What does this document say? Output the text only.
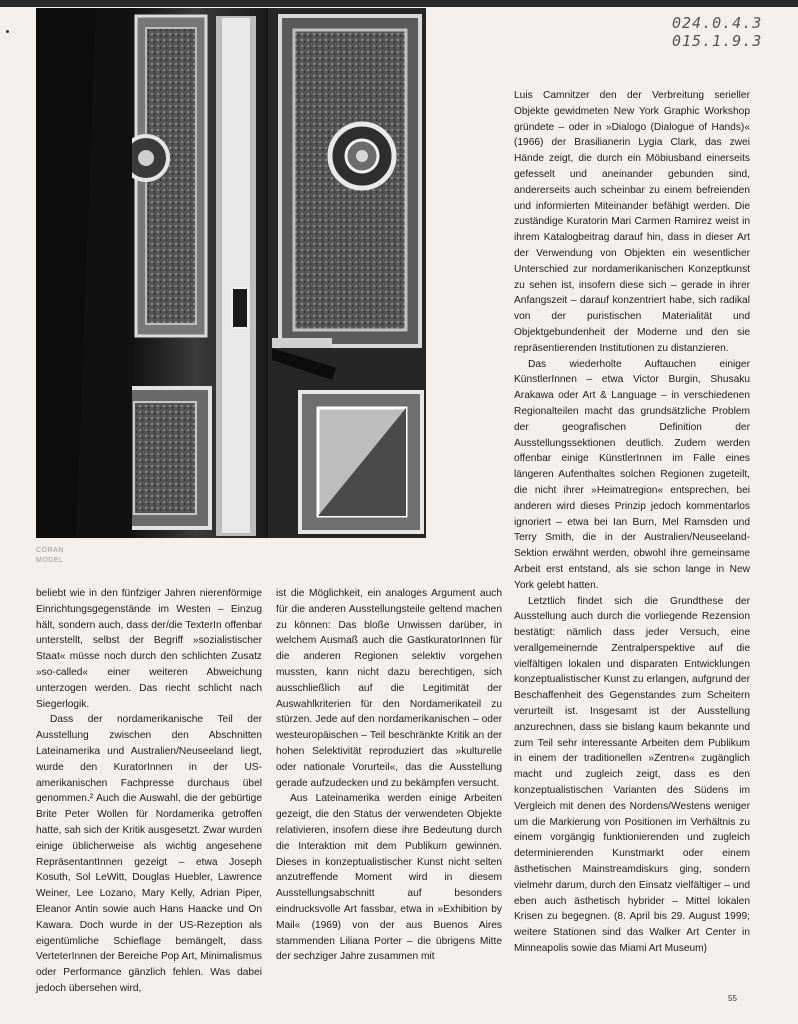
CORAN
MODEL
024.0.4.3
015.1.9.3

beliebt wie in den fünfziger Jahren nierenförmige Einrichtungsgegenstände im Westen – Einzug hält, sondern auch, dass der/die TexterIn offenbar unterstellt, selbst der Begriff »sozialistischer Staat« müsse noch durch den schlichten Zusatz »so-called« einer weiteren Abweichung unterzogen werden. Das riecht schlicht nach Siegerlogik.

Dass der nordamerikanische Teil der Ausstellung zwischen den Abschnitten Lateinamerika und Australien/Neuseeland liegt, wurde den KuratorInnen in der US-amerikanischen Fachpresse durchaus übel genommen.² Auch die Auswahl, die der gebürtige Brite Peter Wollen für Nordamerika getroffen hatte, sah sich der Kritik ausgesetzt. Zwar wurden einige üblicherweise als wichtig angesehene RepräsentantInnen gezeigt – etwa Joseph Kosuth, Sol LeWitt, Douglas Huebler, Lawrence Weiner, Lee Lozano, Mary Kelly, Adrian Piper, Eleanor Antin sowie auch Hans Haacke und On Kawara. Doch wurde in der US-Rezeption als eigentümliche Schieflage bemängelt, dass VerteterInnen der Bereiche Pop Art, Minimalismus oder Performance gänzlich fehlen. Was dabei jedoch übersehen wird,

ist die Möglichkeit, ein analoges Argument auch für die anderen Ausstellungsteile geltend machen zu können: Das bloße Unwissen darüber, in welchem Ausmaß auch die GastkuratorInnen für die anderen Regionen selektiv vorgehen mussten, kann nicht dazu berechtigen, sich ausschließlich auf die Legitimität der Auswahlkriterien für den Nordamerikateil zu stürzen. Jede auf den nordamerikanischen – oder westeuropäischen – Teil beschränkte Kritik an der hohen Selektivität reproduziert das »kulturelle oder nationale Vorurteil«, das die Ausstellung gerade aufzudecken und zu bekämpfen versucht.

Aus Lateinamerika werden einige Arbeiten gezeigt, die den Status der verwendeten Objekte relativieren, insofern diese ihre Bedeutung durch die Interaktion mit dem Publikum gewinnen. Dieses in konzeptualistischer Kunst nicht selten anzutreffende Moment wird in diesem Ausstellungsabschnitt auf besonders eindrucksvolle Art fassbar, etwa in »Exhibition by Mail« (1969) von der aus Buenos Aires stammenden Liliana Porter – die übrigens Mitte der sechziger Jahre zusammen mit

Luis Camnitzer den der Verbreitung serieller Objekte gewidmeten New York Graphic Workshop gründete – oder in »Dialogo (Dialogue of Hands)« (1966) der Brasilianerin Lygia Clark, das zwei Hände zeigt, die durch ein Möbiusband einerseits gefesselt und aneinander gebunden sind, andererseits auch scheinbar zu einem befreienden und informierten Miteinander befähigt werden. Die zuständige Kuratorin Mari Carmen Ramirez weist in ihrem Katalogbeitrag darauf hin, dass in dieser Art der Verwendung von Objekten ein wesentlicher Unterschied zur nordamerikanischen Konzeptkunst zu sehen ist, insofern diese sich – gerade in ihrer Anfangszeit – darauf konzentriert habe, sich radikal von der puristischen Materialität und Objektgebundenheit der Moderne und den sie repräsentierenden Institutionen zu distanzieren.

Das wiederholte Auftauchen einiger KünstlerInnen – etwa Victor Burgin, Shusaku Arakawa oder Art & Language – in verschiedenen Regionalteilen macht das grundsätzliche Problem der geografischen Definition der Ausstellungssektionen deutlich. Zudem werden offenbar einige KünstlerInnen im Falle eines längeren Aufenthaltes solchen Regionen zugeteilt, die nicht ihrer »Heimatregion« entsprechen, bei anderen wird dieses Prinzip jedoch kommentarlos ignoriert – etwa bei Ian Burn, Mel Ramsden und Terry Smith, die in der Australien/Neuseeland-Sektion erwähnt werden, obwohl ihre gemeinsame Arbeit erst entstand, als sie schon lange in New York gelebt hatten.

Letztlich findet sich die Grundthese der Ausstellung auch durch die vorliegende Rezension bestätigt: nämlich dass jeder Versuch, eine verallgemeinernde Zentralperspektive auf die vielfältigen lokalen und disparaten Entwicklungen konzeptualistischer Kunst zu erlangen, aufgrund der Beschaffenheit des Gegenstandes zum Scheitern verurteilt ist. Insgesamt ist der Ausstellung anzurechnen, dass sie bislang kaum bekannte und zum Teil sehr interessante Arbeiten dem Publikum in einem der traditionellen »Zentren« zugänglich macht und zugleich zeigt, dass es den konzeptualistischen Varianten des Südens im Vergleich mit denen des Nordens/Westens weniger um die Markierung von Positionen im Verhältnis zu einem vorgängig funktionierenden und zugleich determinierenden Kunstmarkt oder einem ästhetischen Mainstreamdiskurs ging, sondern vielmehr darum, durch den Einsatz vielfältiger – und eben auch ästhetisch hybrider – Mittel lokalen Krisen zu begegnen. (8. April bis 29. August 1999; weitere Stationen sind das Walker Art Center in Minneapolis sowie das Miami Art Museum)

55
